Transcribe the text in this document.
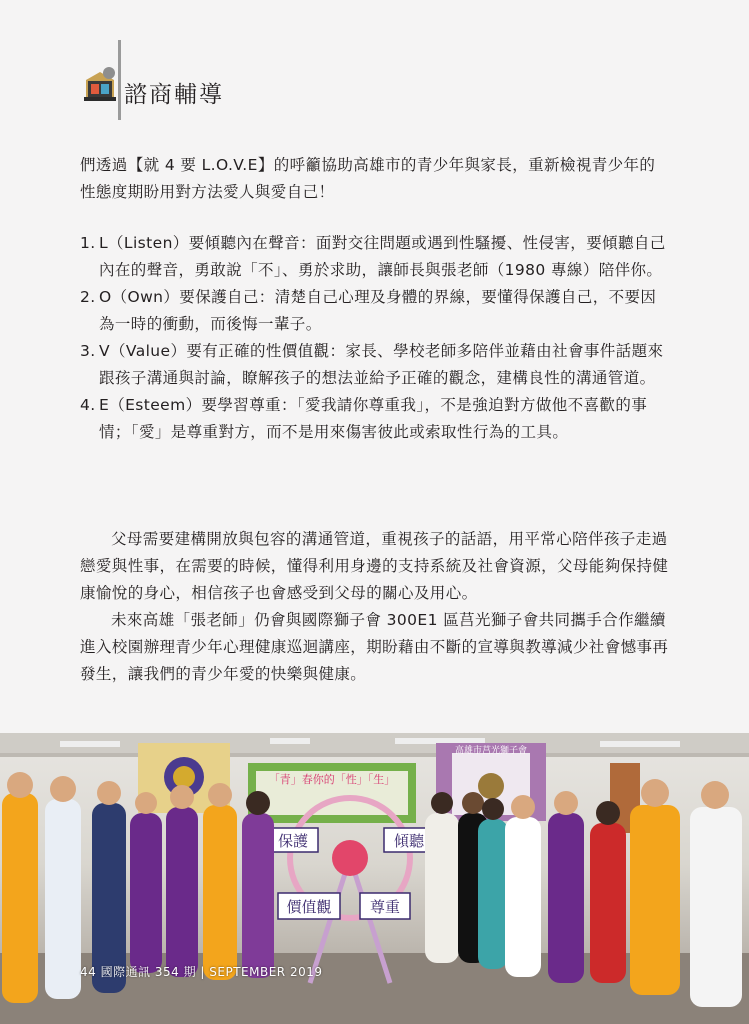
諮商輔導
們透過【就 4 要 L.O.V.E】的呼籲協助高雄市的青少年與家長，重新檢視青少年的性態度期盼用對方法愛人與愛自己！
1. L（Listen）要傾聽內在聲音：面對交往問題或遇到性騷擾、性侵害，要傾聽自己內在的聲音，勇敢說「不」、勇於求助，讓師長與張老師（1980 專線）陪伴你。
2. O（Own）要保護自己：清楚自己心理及身體的界線，要懂得保護自己，不要因為一時的衝動，而後悔一輩子。
3. V（Value）要有正確的性價值觀：家長、學校老師多陪伴並藉由社會事件話題來跟孩子溝通與討論，瞭解孩子的想法並給予正確的觀念，建構良性的溝通管道。
4. E（Esteem）要學習尊重：「愛我請你尊重我」，不是強迫對方做他不喜歡的事情；「愛」是尊重對方，而不是用來傷害彼此或索取性行為的工具。

父母需要建構開放與包容的溝通管道，重視孩子的話語，用平常心陪伴孩子走過戀愛與性事，在需要的時候，懂得利用身邊的支持系統及社會資源，父母能夠保持健康愉悅的身心，相信孩子也會感受到父母的關心及用心。

未來高雄「張老師」仍會與國際獅子會 300E1 區莒光獅子會共同攜手合作繼續進入校園辦理青少年心理健康巡迴講座，期盼藉由不斷的宣導與教導減少社會憾事再發生，讓我們的青少年愛的快樂與健康。

「青」春你的「性」「生」
高雄市莒光獅子會
保護	傾聽
價值觀	尊重
44 國際通訊 354 期 | SEPTEMBER 2019
